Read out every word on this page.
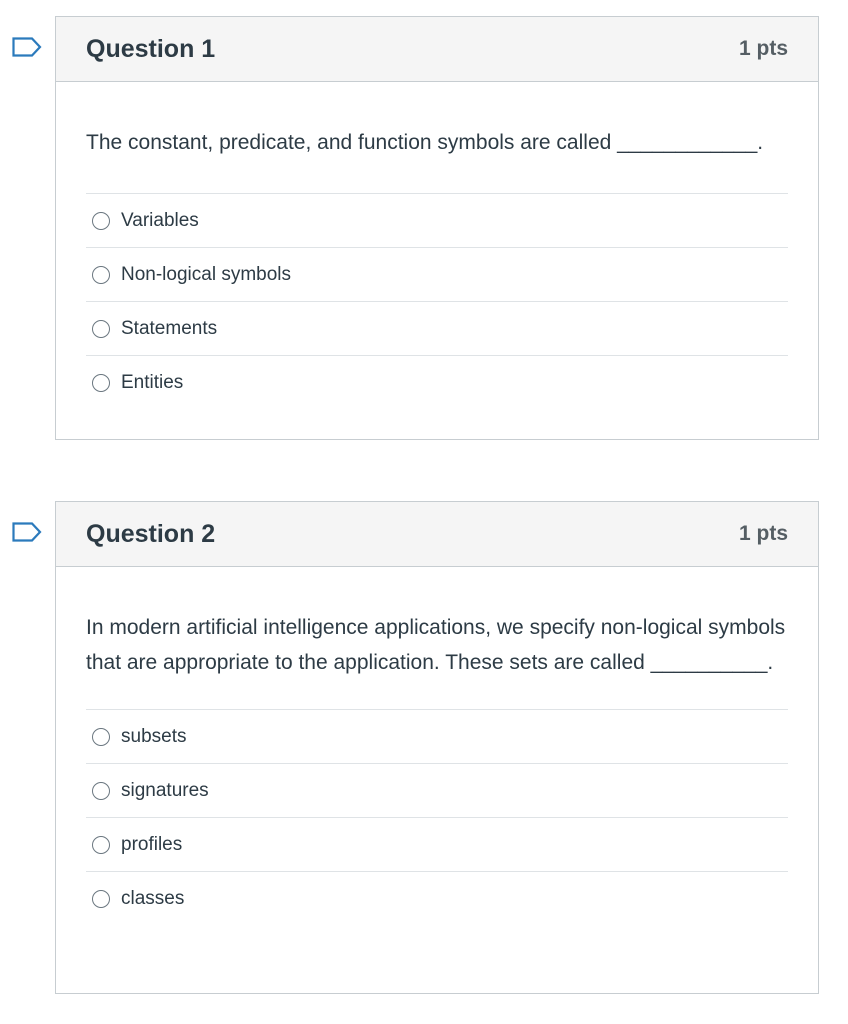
Question 1	1 pts

The constant, predicate, and function symbols are called ____________.

Variables
Non-logical symbols
Statements
Entities
Question 2	1 pts

In modern artificial intelligence applications, we specify non-logical symbols that are appropriate to the application. These sets are called __________.

subsets
signatures
profiles
classes
